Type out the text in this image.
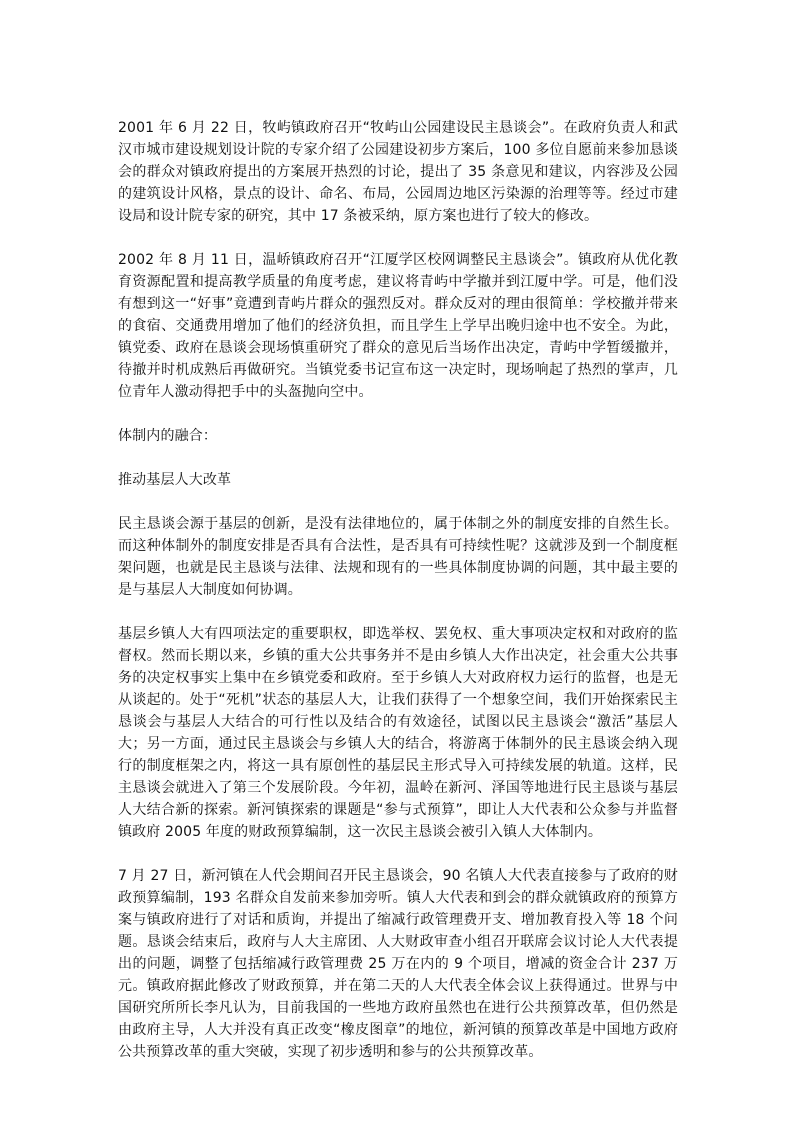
2001 年 6 月 22 日，牧屿镇政府召开“牧屿山公园建设民主恳谈会”。在政府负责人和武汉市城市建设规划设计院的专家介绍了公园建设初步方案后，100 多位自愿前来参加恳谈会的群众对镇政府提出的方案展开热烈的讨论，提出了 35 条意见和建议，内容涉及公园的建筑设计风格，景点的设计、命名、布局，公园周边地区污染源的治理等等。经过市建设局和设计院专家的研究，其中 17 条被采纳，原方案也进行了较大的修改。

2002 年 8 月 11 日，温峤镇政府召开“江厦学区校网调整民主恳谈会”。镇政府从优化教育资源配置和提高教学质量的角度考虑，建议将青屿中学撤并到江厦中学。可是，他们没有想到这一“好事”竟遭到青屿片群众的强烈反对。群众反对的理由很简单：学校撤并带来的食宿、交通费用增加了他们的经济负担，而且学生上学早出晚归途中也不安全。为此，镇党委、政府在恳谈会现场慎重研究了群众的意见后当场作出决定，青屿中学暂缓撤并，待撤并时机成熟后再做研究。当镇党委书记宣布这一决定时，现场响起了热烈的掌声，几位青年人激动得把手中的头盔抛向空中。

体制内的融合：

推动基层人大改革

民主恳谈会源于基层的创新，是没有法律地位的，属于体制之外的制度安排的自然生长。而这种体制外的制度安排是否具有合法性，是否具有可持续性呢？这就涉及到一个制度框架问题，也就是民主恳谈与法律、法规和现有的一些具体制度协调的问题，其中最主要的是与基层人大制度如何协调。

基层乡镇人大有四项法定的重要职权，即选举权、罢免权、重大事项决定权和对政府的监督权。然而长期以来，乡镇的重大公共事务并不是由乡镇人大作出决定，社会重大公共事务的决定权事实上集中在乡镇党委和政府。至于乡镇人大对政府权力运行的监督，也是无从谈起的。处于“死机”状态的基层人大，让我们获得了一个想象空间，我们开始探索民主恳谈会与基层人大结合的可行性以及结合的有效途径，试图以民主恳谈会“激活”基层人大；另一方面，通过民主恳谈会与乡镇人大的结合，将游离于体制外的民主恳谈会纳入现行的制度框架之内，将这一具有原创性的基层民主形式导入可持续发展的轨道。这样，民主恳谈会就进入了第三个发展阶段。今年初，温岭在新河、泽国等地进行民主恳谈与基层人大结合新的探索。新河镇探索的课题是“参与式预算”，即让人大代表和公众参与并监督镇政府 2005 年度的财政预算编制，这一次民主恳谈会被引入镇人大体制内。

7 月 27 日，新河镇在人代会期间召开民主恳谈会，90 名镇人大代表直接参与了政府的财政预算编制，193 名群众自发前来参加旁听。镇人大代表和到会的群众就镇政府的预算方案与镇政府进行了对话和质询，并提出了缩减行政管理费开支、增加教育投入等 18 个问题。恳谈会结束后，政府与人大主席团、人大财政审查小组召开联席会议讨论人大代表提出的问题，调整了包括缩减行政管理费 25 万在内的 9 个项目，增减的资金合计 237 万元。镇政府据此修改了财政预算，并在第二天的人大代表全体会议上获得通过。世界与中国研究所所长李凡认为，目前我国的一些地方政府虽然也在进行公共预算改革，但仍然是由政府主导，人大并没有真正改变“橡皮图章”的地位，新河镇的预算改革是中国地方政府公共预算改革的重大突破，实现了初步透明和参与的公共预算改革。
